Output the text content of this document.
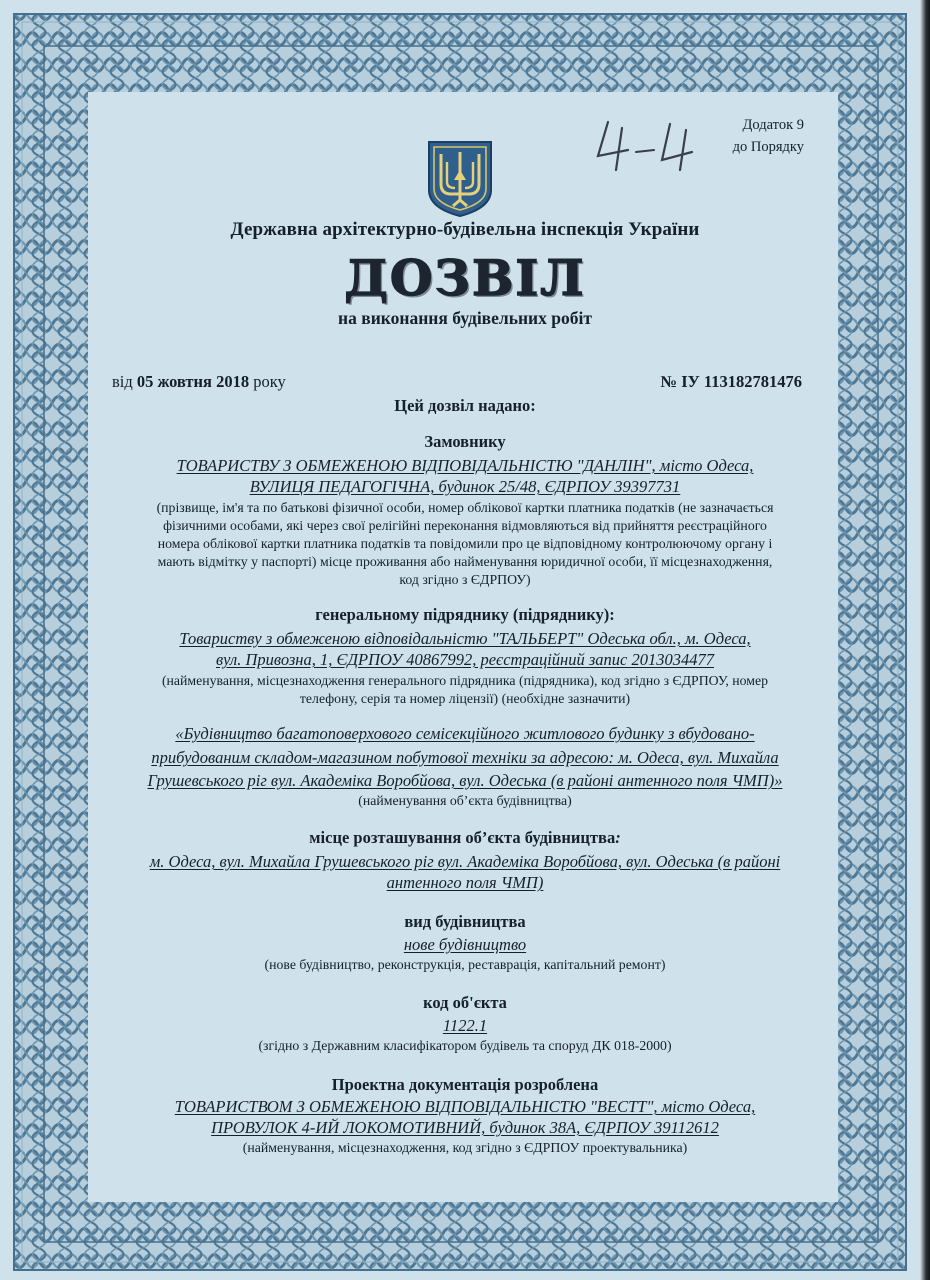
Додаток 9
до Порядку
Державна архітектурно-будівельна інспекція України
ДОЗВІЛ
на виконання будівельних робіт
від 05 жовтня 2018 року	№ ІУ 113182781476
Цей дозвіл надано:
Замовнику
ТОВАРИСТВУ З ОБМЕЖЕНОЮ ВІДПОВІДАЛЬНІСТЮ "ДАНЛІН", місто Одеса,
ВУЛИЦЯ ПЕДАГОГІЧНА, будинок 25/48, ЄДРПОУ 39397731
(прізвище, ім'я та по батькові фізичної особи, номер облікової картки платника податків (не зазначається
фізичними особами, які через свої релігійні переконання відмовляються від прийняття реєстраційного
номера облікової картки платника податків та повідомили про це відповідному контролюючому органу і
мають відмітку у паспорті) місце проживання або найменування юридичної особи, її місцезнаходження,
код згідно з ЄДРПОУ)
генеральному підряднику (підряднику):
Товариству з обмеженою відповідальністю "ТАЛЬБЕРТ" Одеська обл., м. Одеса,
вул. Привозна, 1, ЄДРПОУ 40867992, реєстраційний запис 2013034477
(найменування, місцезнаходження генерального підрядника (підрядника), код згідно з ЄДРПОУ, номер
телефону, серія та номер ліцензії) (необхідне зазначити)
«Будівництво багатоповерхового семісекційного житлового будинку з вбудовано-
прибудованим складом-магазином побутової техніки за адресою: м. Одеса, вул. Михайла
Грушевського ріг вул. Академіка Воробйова, вул. Одеська (в районі антенного поля ЧМП)»
(найменування об’єкта будівництва)
місце розташування об’єкта будівництва:
м. Одеса, вул. Михайла Грушевського ріг вул. Академіка Воробйова, вул. Одеська (в районі
антенного поля ЧМП)
вид будівництва
нове будівництво
(нове будівництво, реконструкція, реставрація, капітальний ремонт)
код об'єкта
1122.1
(згідно з Державним класифікатором будівель та споруд ДК 018-2000)
Проектна документація розроблена
ТОВАРИСТВОМ З ОБМЕЖЕНОЮ ВІДПОВІДАЛЬНІСТЮ "ВЕСТТ", місто Одеса,
ПРОВУЛОК 4-ИЙ ЛОКОМОТИВНИЙ, будинок 38А, ЄДРПОУ 39112612
(найменування, місцезнаходження, код згідно з ЄДРПОУ проектувальника)
